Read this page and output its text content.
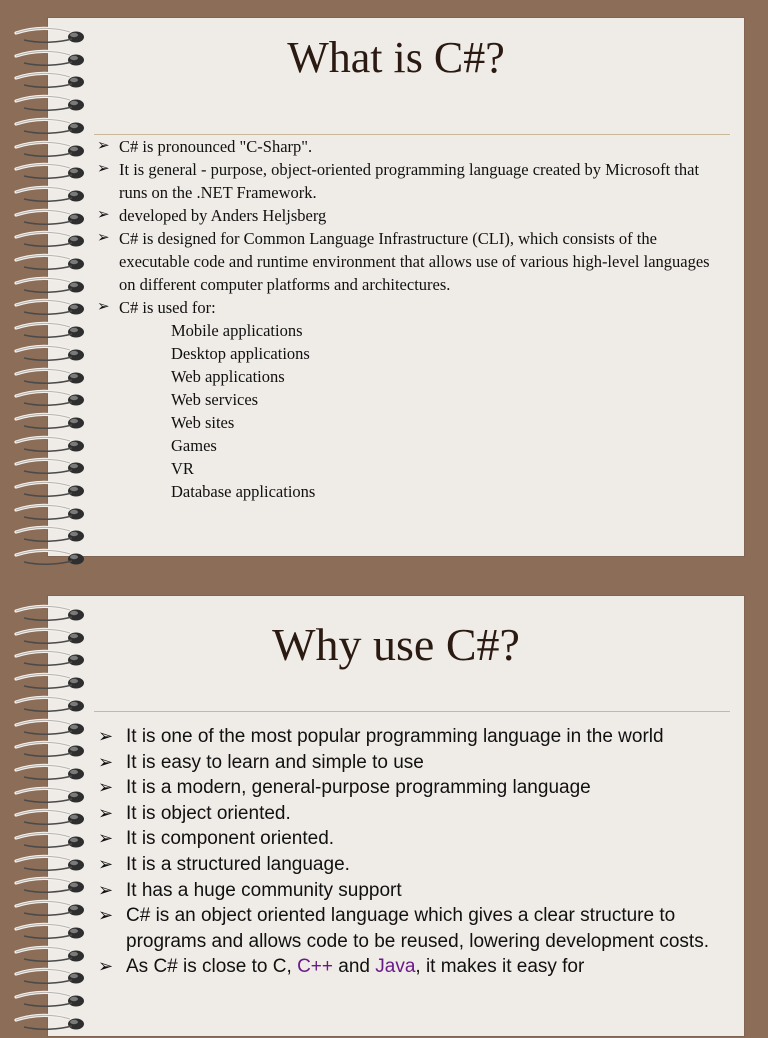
What is C#?
➢ C# is pronounced "C-Sharp".
➢ It is general - purpose, object-oriented programming language created by Microsoft that runs on the .NET Framework.
➢ developed by Anders Heljsberg
➢ C# is designed for Common Language Infrastructure (CLI), which consists of the executable code and runtime environment that allows use of various high-level languages on different computer platforms and architectures.
➢ C# is used for:
Mobile applications
Desktop applications
Web applications
Web services
Web sites
Games
VR
Database applications
Why use C#?
➢ It is one of the most popular programming language in the world
➢ It is easy to learn and simple to use
➢ It is a modern, general-purpose programming language
➢ It is object oriented.
➢ It is component oriented.
➢ It is a structured language.
➢ It has a huge community support
➢ C# is an object oriented language which gives a clear structure to programs and allows code to be reused, lowering development costs.
➢ As C# is close to C, C++ and Java, it makes it easy for
